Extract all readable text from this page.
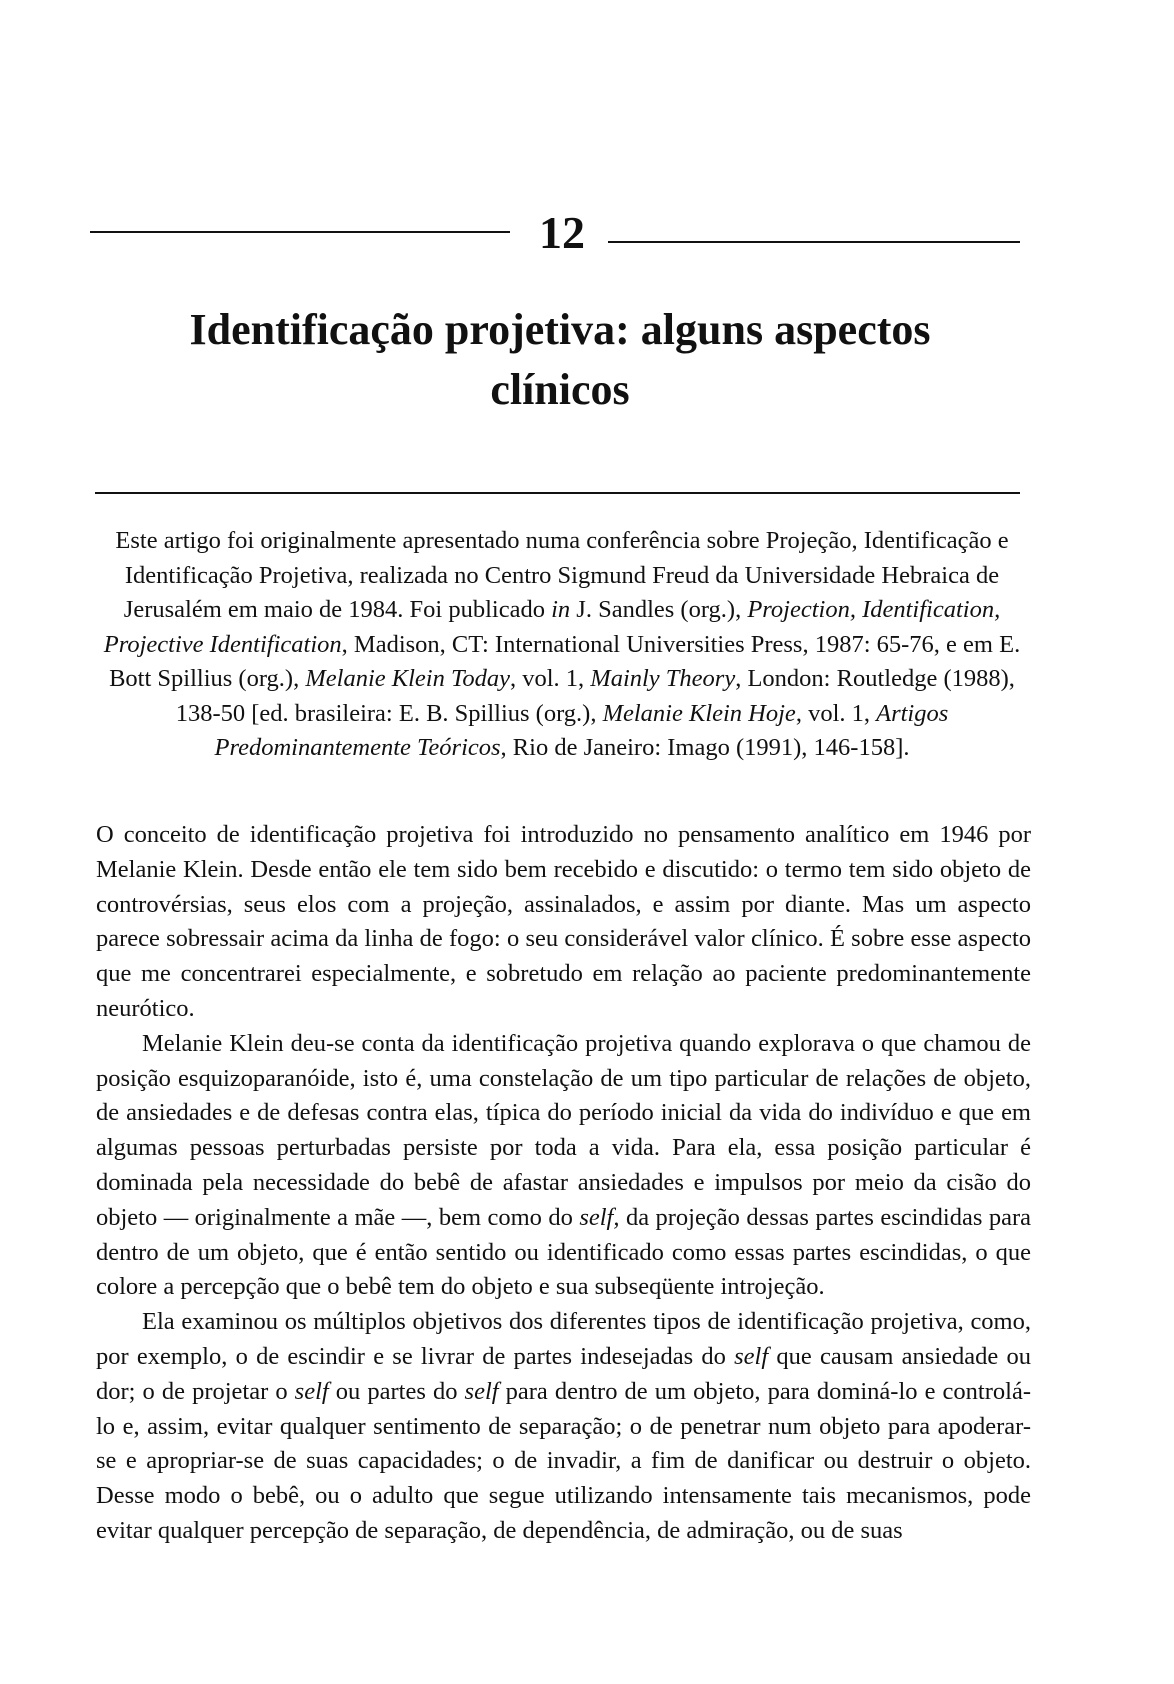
12
Identificação projetiva: alguns aspectos
clínicos

Este artigo foi originalmente apresentado numa conferência sobre Projeção, Identificação e Identificação Projetiva, realizada no Centro Sigmund Freud da Universidade Hebraica de Jerusalém em maio de 1984. Foi publicado in J. Sandles (org.), Projection, Identification, Projective Identification, Madison, CT: International Universities Press, 1987: 65-76, e em E. Bott Spillius (org.), Melanie Klein Today, vol. 1, Mainly Theory, London: Routledge (1988), 138-50 [ed. brasileira: E. B. Spillius (org.), Melanie Klein Hoje, vol. 1, Artigos Predominantemente Teóricos, Rio de Janeiro: Imago (1991), 146-158].

O conceito de identificação projetiva foi introduzido no pensamento analítico em 1946 por Melanie Klein. Desde então ele tem sido bem recebido e discutido: o termo tem sido objeto de controvérsias, seus elos com a projeção, assinalados, e assim por diante. Mas um aspecto parece sobressair acima da linha de fogo: o seu considerável valor clínico. É sobre esse aspecto que me concentrarei especialmente, e sobretudo em relação ao paciente predominantemente neurótico.

Melanie Klein deu-se conta da identificação projetiva quando explorava o que chamou de posição esquizoparanóide, isto é, uma constelação de um tipo particular de relações de objeto, de ansiedades e de defesas contra elas, típica do período inicial da vida do indivíduo e que em algumas pessoas perturbadas persiste por toda a vida. Para ela, essa posição particular é dominada pela necessidade do bebê de afastar ansiedades e impulsos por meio da cisão do objeto — originalmente a mãe —, bem como do self, da projeção dessas partes escindidas para dentro de um objeto, que é então sentido ou identificado como essas partes escindidas, o que colore a percepção que o bebê tem do objeto e sua subseqüente introjeção.

Ela examinou os múltiplos objetivos dos diferentes tipos de identificação projetiva, como, por exemplo, o de escindir e se livrar de partes indesejadas do self que causam ansiedade ou dor; o de projetar o self ou partes do self para dentro de um objeto, para dominá-lo e controlá-lo e, assim, evitar qualquer sentimento de separação; o de penetrar num objeto para apoderar-se e apropriar-se de suas capacidades; o de invadir, a fim de danificar ou destruir o objeto. Desse modo o bebê, ou o adulto que segue utilizando intensamente tais mecanismos, pode evitar qualquer percepção de separação, de dependência, de admiração, ou de suas
